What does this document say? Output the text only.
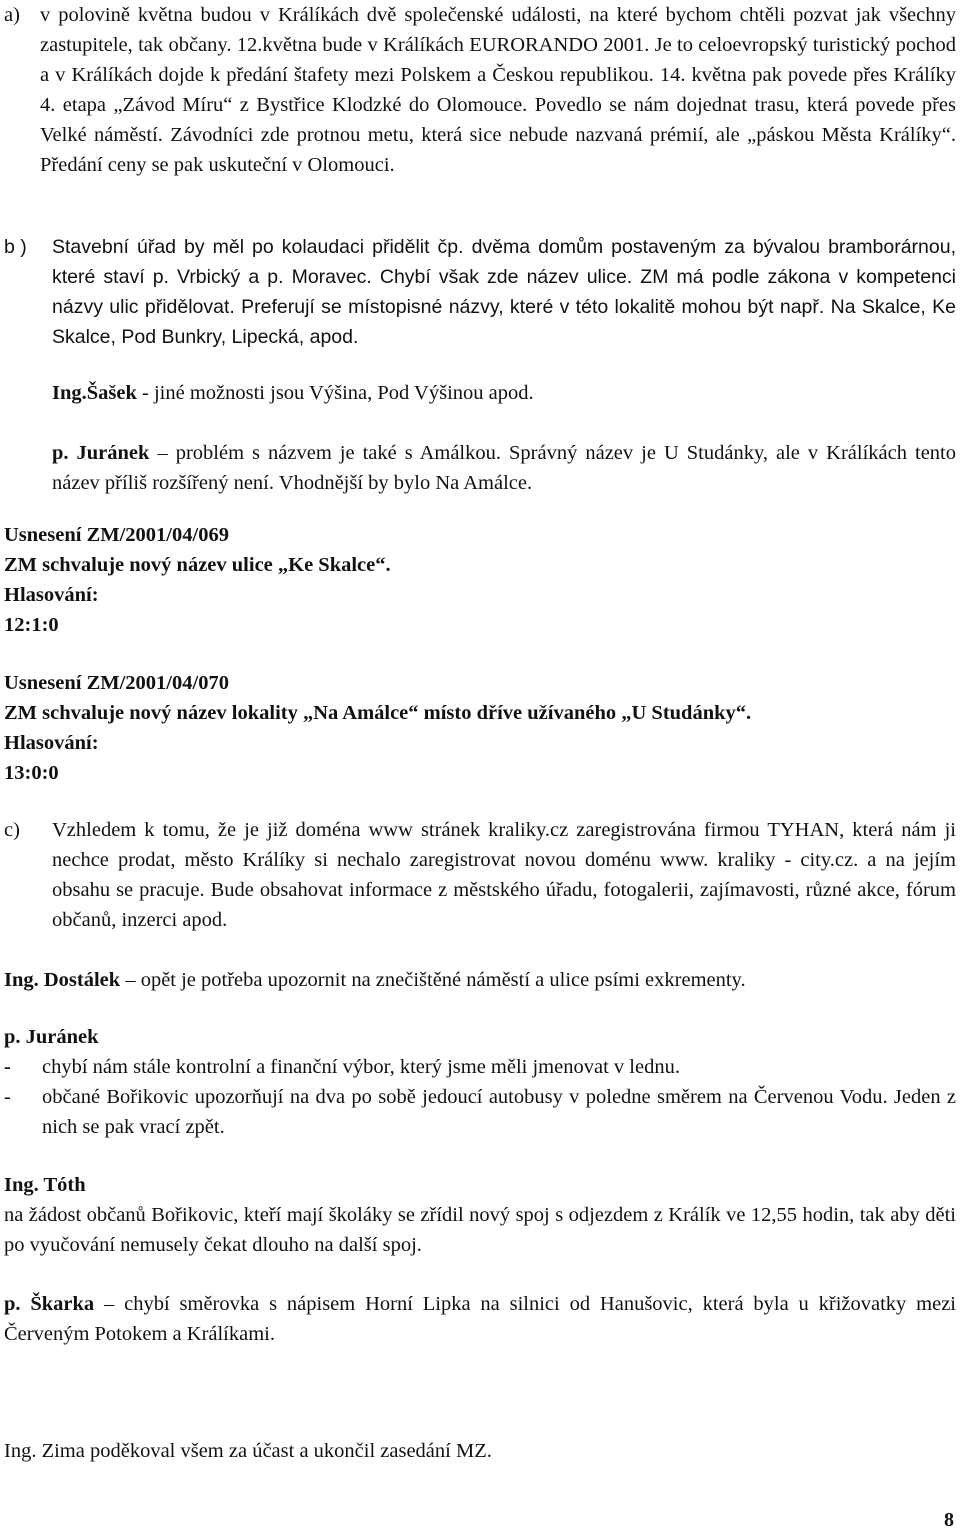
a) v polovině května budou v Králíkách dvě společenské události, na které bychom chtěli pozvat jak všechny zastupitele, tak občany. 12.května bude v Králíkách EURORANDO 2001. Je to celoevropský turistický pochod a v Králíkách dojde k předání štafety mezi Polskem a Českou republikou. 14. května pak povede přes Králíky 4. etapa „Závod Míru“ z Bystřice Klodzké do Olomouce. Povedlo se nám dojednat trasu, která povede přes Velké náměstí. Závodníci zde protnou metu, která sice nebude nazvaná prémií, ale „páskou Města Králíky“. Předání ceny se pak uskuteční v Olomouci.
b ) Stavební úřad by měl po kolaudaci přidělit čp. dvěma domům postaveným za bývalou bramborárnou, které staví p. Vrbický a p. Moravec. Chybí však zde název ulice. ZM má podle zákona v kompetenci názvy ulic přidělovat. Preferují se místopisné názvy, které v této lokalitě mohou být např. Na Skalce, Ke Skalce, Pod Bunkry, Lipecká, apod.
Ing.Šašek - jiné možnosti jsou Výšina, Pod Výšinou apod.
p. Juránek – problém s názvem je také s Amálkou. Správný název je U Studánky, ale v Králíkách tento název příliš rozšířený není. Vhodnější by bylo Na Amálce.
Usnesení ZM/2001/04/069
ZM schvaluje nový název ulice „Ke Skalce“.
Hlasování:
12:1:0
Usnesení ZM/2001/04/070
ZM schvaluje nový název lokality „Na Amálce“ místo dříve užívaného „U Studánky“.
Hlasování:
13:0:0
c) Vzhledem k tomu, že je již doména www stránek kraliky.cz zaregistrována firmou TYHAN, která nám ji nechce prodat, město Králíky si nechalo zaregistrovat novou doménu www. kraliky - city.cz. a na jejím obsahu se pracuje. Bude obsahovat informace z městského úřadu, fotogalerii, zajímavosti, různé akce, fórum občanů, inzerci apod.
Ing. Dostálek – opět je potřeba upozornit na znečištěné náměstí a ulice psími exkrementy.
p. Juránek
- chybí nám stále kontrolní a finanční výbor, který jsme měli jmenovat v lednu.
- občané Bořikovic upozorňují na dva po sobě jedoucí autobusy v poledne směrem na Červenou Vodu. Jeden z nich se pak vrací zpět.
Ing. Tóth
na žádost občanů Bořikovic, kteří mají školáky se zřídil nový spoj s odjezdem z Králík ve 12,55 hodin, tak aby děti po vyučování nemusely čekat dlouho na další spoj.
p. Škarka – chybí směrovka s nápisem Horní Lipka na silnici od Hanušovic, která byla u křižovatky mezi Červeným Potokem a Králíkami.
Ing. Zima poděkoval všem za účast a ukončil zasedání MZ.
8
